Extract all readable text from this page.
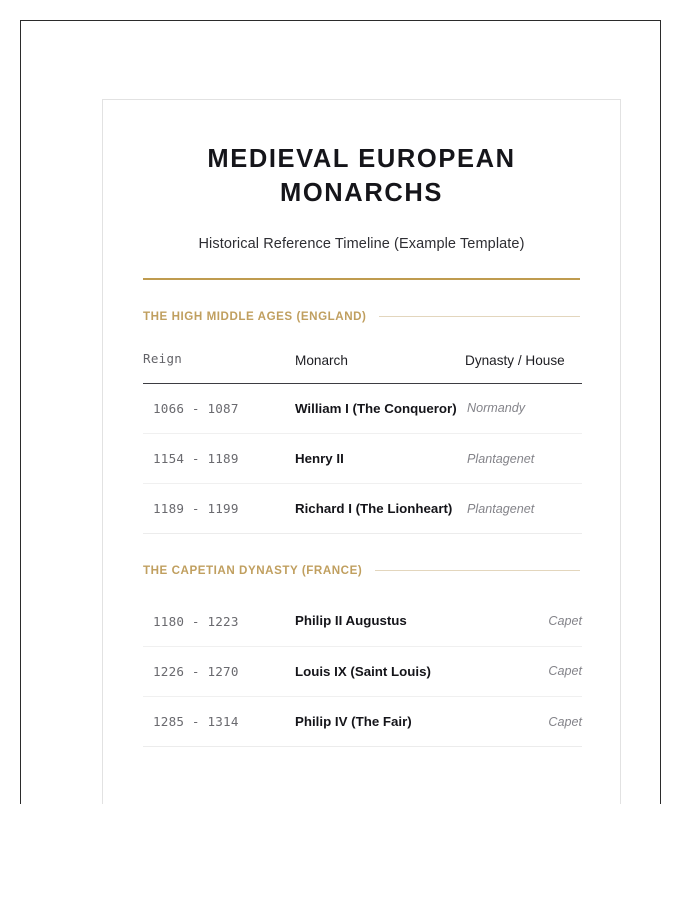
MEDIEVAL EUROPEAN MONARCHS

Historical Reference Timeline (Example Template)

THE HIGH MIDDLE AGES (ENGLAND)
Reign	Monarch	Dynasty / House
1066 - 1087	William I (The Conqueror)	Normandy
1154 - 1189	Henry II	Plantagenet
1189 - 1199	Richard I (The Lionheart)	Plantagenet
THE CAPETIAN DYNASTY (FRANCE)
1180 - 1223	Philip II Augustus	Capet
1226 - 1270	Louis IX (Saint Louis)	Capet
1285 - 1314	Philip IV (The Fair)	Capet
